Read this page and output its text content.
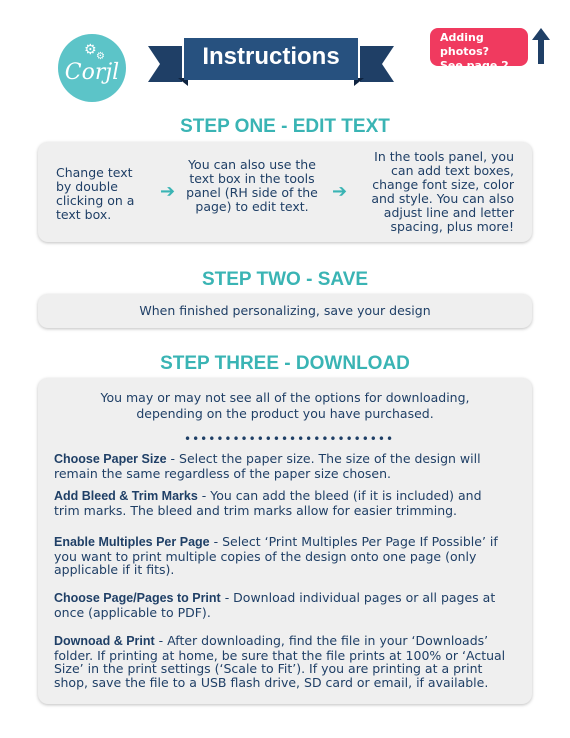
⚙ ⚙
Corjl
Instructions
Adding photos?
See page 2.
STEP ONE - EDIT TEXT
Change text by double clicking on a text box.
➔
You can also use the text box in the tools panel (RH side of the page) to edit text.
➔
In the tools panel, you can add text boxes, change font size, color and style. You can also adjust line and letter spacing, plus more!
STEP TWO - SAVE
When finished personalizing, save your design
STEP THREE - DOWNLOAD
You may or may not see all of the options for downloading,
depending on the product you have purchased.
••••••••••••••••••••••••••
Choose Paper Size - Select the paper size. The size of the design will remain the same regardless of the paper size chosen.
Add Bleed & Trim Marks - You can add the bleed (if it is included) and trim marks. The bleed and trim marks allow for easier trimming.
Enable Multiples Per Page - Select ‘Print Multiples Per Page If Possible’ if you want to print multiple copies of the design onto one page (only applicable if it fits).
Choose Page/Pages to Print - Download individual pages or all pages at once (applicable to PDF).
Downoad & Print - After downloading, find the file in your ‘Downloads’ folder. If printing at home, be sure that the file prints at 100% or ‘Actual Size’ in the print settings (‘Scale to Fit’). If you are printing at a print shop, save the file to a USB flash drive, SD card or email, if available.
